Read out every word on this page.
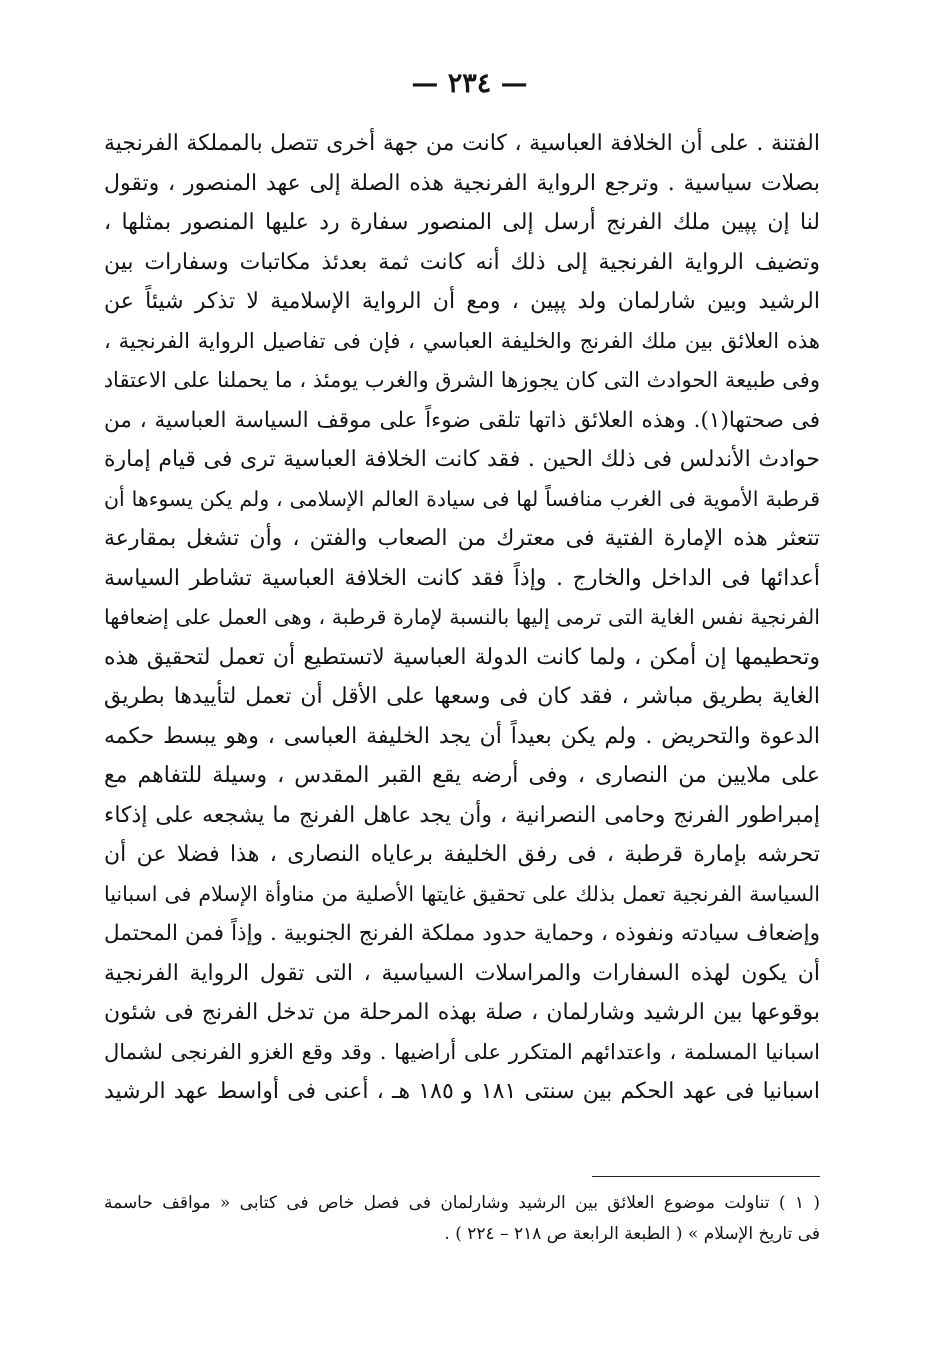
— ٢٣٤ —
الفتنة . على أن الخلافة العباسية ، كانت من جهة أخرى تتصل بالمملكة الفرنجية
بصلات سياسية . وترجع الرواية الفرنجية هذه الصلة إلى عهد المنصور ، وتقول
لنا إن پپين ملك الفرنج أرسل إلى المنصور سفارة رد عليها المنصور بمثلها ،
وتضيف الرواية الفرنجية إلى ذلك أنه كانت ثمة بعدئذ مكاتبات وسفارات بين
الرشيد وبين شارلمان ولد پپين ، ومع أن الرواية الإسلامية لا تذكر شيئاً عن
هذه العلائق بين ملك الفرنج والخليفة العباسي ، فإن فى تفاصيل الرواية الفرنجية ،
وفى طبيعة الحوادث التى كان يجوزها الشرق والغرب يومئذ ، ما يحملنا على الاعتقاد
فى صحتها(١). وهذه العلائق ذاتها تلقى ضوءاً على موقف السياسة العباسية ، من
حوادث الأندلس فى ذلك الحين . فقد كانت الخلافة العباسية ترى فى قيام إمارة
قرطبة الأموية فى الغرب منافساً لها فى سيادة العالم الإسلامى ، ولم يكن يسوءها أن
تتعثر هذه الإمارة الفتية فى معترك من الصعاب والفتن ، وأن تشغل بمقارعة
أعدائها فى الداخل والخارج . وإذاً فقد كانت الخلافة العباسية تشاطر السياسة
الفرنجية نفس الغاية التى ترمى إليها بالنسبة لإمارة قرطبة ، وهى العمل على إضعافها
وتحطيمها إن أمكن ، ولما كانت الدولة العباسية لاتستطيع أن تعمل لتحقيق هذه
الغاية بطريق مباشر ، فقد كان فى وسعها على الأقل أن تعمل لتأييدها بطريق
الدعوة والتحريض . ولم يكن بعيداً أن يجد الخليفة العباسى ، وهو يبسط حكمه
على ملايين من النصارى ، وفى أرضه يقع القبر المقدس ، وسيلة للتفاهم مع
إمبراطور الفرنج وحامى النصرانية ، وأن يجد عاهل الفرنج ما يشجعه على إذكاء
تحرشه بإمارة قرطبة ، فى رفق الخليفة برعاياه النصارى ، هذا فضلا عن أن
السياسة الفرنجية تعمل بذلك على تحقيق غايتها الأصلية من مناوأة الإسلام فى اسبانيا
وإضعاف سيادته ونفوذه ، وحماية حدود مملكة الفرنج الجنوبية . وإذاً فمن المحتمل
أن يكون لهذه السفارات والمراسلات السياسية ، التى تقول الرواية الفرنجية
بوقوعها بين الرشيد وشارلمان ، صلة بهذه المرحلة من تدخل الفرنج فى شئون
اسبانيا المسلمة ، واعتدائهم المتكرر على أراضيها . وقد وقع الغزو الفرنجى لشمال
اسبانيا فى عهد الحكم بين سنتى ١٨١ و ١٨٥ هـ ، أعنى فى أواسط عهد الرشيد
( ١ ) تناولت موضوع العلائق بين الرشيد وشارلمان فى فصل خاص فى كتابى « مواقف حاسمة
فى تاريخ الإسلام » ( الطبعة الرابعة ص ٢١٨ – ٢٢٤ ) .
